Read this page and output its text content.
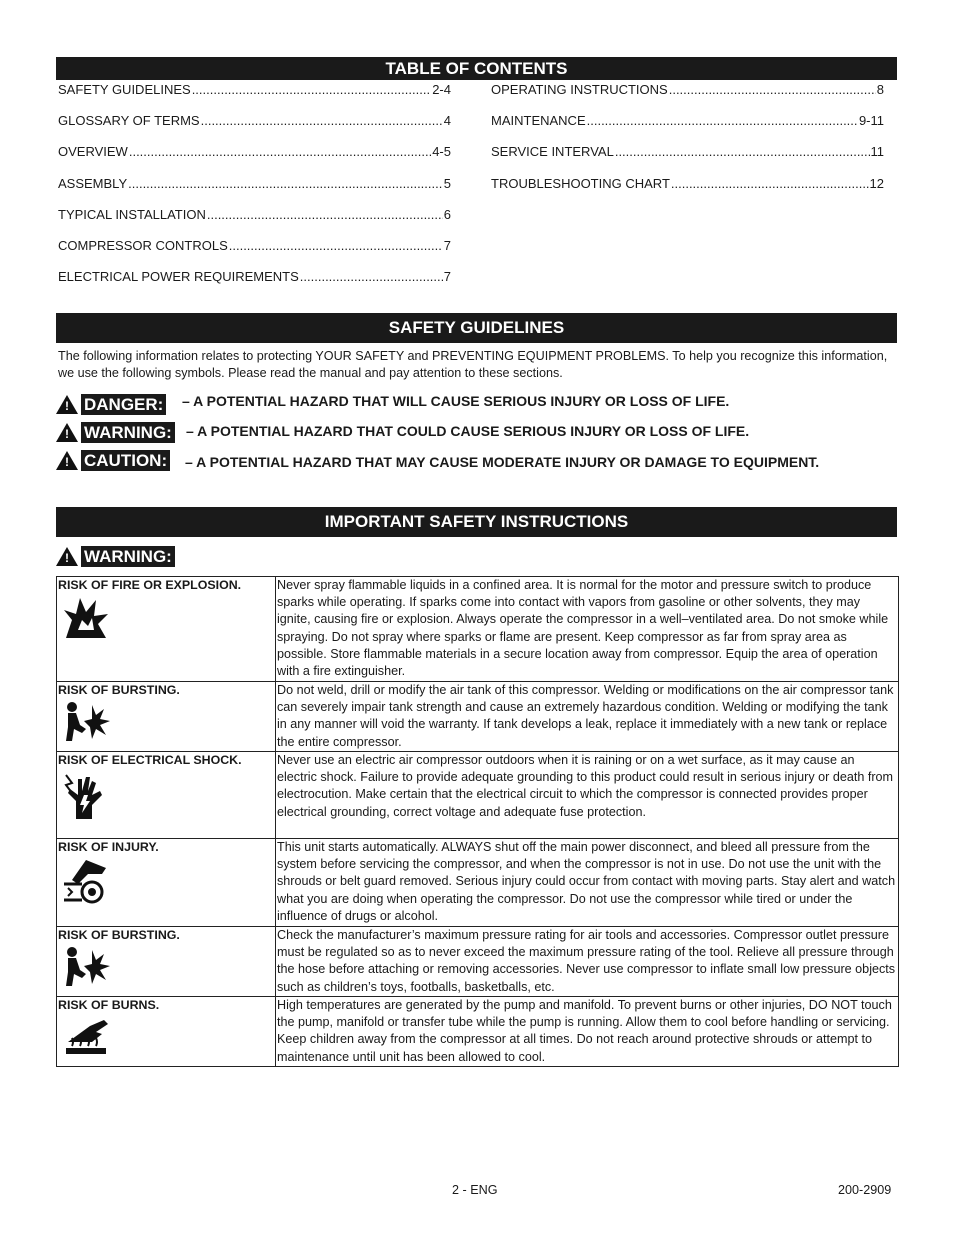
TABLE OF CONTENTS
SAFETY GUIDELINES .....	2-4
GLOSSARY OF TERMS .....	4
OVERVIEW .....	4-5
ASSEMBLY .....	5
TYPICAL INSTALLATION .....	6
COMPRESSOR CONTROLS .....	7
ELECTRICAL POWER REQUIREMENTS .....	7
OPERATING INSTRUCTIONS .....	8
MAINTENANCE .....	9-11
SERVICE INTERVAL .....	11
TROUBLESHOOTING CHART .....	12
SAFETY GUIDELINES
The following information relates to protecting YOUR SAFETY and PREVENTING EQUIPMENT PROBLEMS. To help you recognize this information, we use the following symbols. Please read the manual and pay attention to these sections.
! DANGER: – A POTENTIAL HAZARD THAT WILL CAUSE SERIOUS INJURY OR LOSS OF LIFE.
! WARNING: – A POTENTIAL HAZARD THAT COULD CAUSE SERIOUS INJURY OR LOSS OF LIFE.
! CAUTION: – A POTENTIAL HAZARD THAT MAY CAUSE MODERATE INJURY OR DAMAGE TO EQUIPMENT.
IMPORTANT SAFETY INSTRUCTIONS
! WARNING:
RISK OF FIRE OR EXPLOSION.	Never spray flammable liquids in a confined area. It is normal for the motor and pressure switch to produce sparks while operating. If sparks come into contact with vapors from gasoline or other solvents, they may ignite, causing fire or explosion. Always operate the compressor in a well–ventilated area. Do not smoke while spraying. Do not spray where sparks or flame are present. Keep compressor as far from spray area as possible. Store flammable materials in a secure location away from compressor. Equip the area of operation with a fire extinguisher.

RISK OF BURSTING.	Do not weld, drill or modify the air tank of this compressor. Welding or modifications on the air compressor tank can severely impair tank strength and cause an extremely hazardous condition. Welding or modifying the tank in any manner will void the warranty. If tank develops a leak, replace it immediately with a new tank or replace the entire compressor.

RISK OF ELECTRICAL SHOCK.	Never use an electric air compressor outdoors when it is raining or on a wet surface, as it may cause an electric shock. Failure to provide adequate grounding to this product could result in serious injury or death from electrocution. Make certain that the electrical circuit to which the compressor is connected provides proper electrical grounding, correct voltage and adequate fuse protection.

RISK OF INJURY.	This unit starts automatically. ALWAYS shut off the main power disconnect, and bleed all pressure from the system before servicing the compressor, and when the compressor is not in use. Do not use the unit with the shrouds or belt guard removed. Serious injury could occur from contact with moving parts. Stay alert and watch what you are doing when operating the compressor. Do not use the compressor while tired or under the influence of drugs or alcohol.

RISK OF BURSTING.	Check the manufacturer’s maximum pressure rating for air tools and accessories. Compressor outlet pressure must be regulated so as to never exceed the maximum pressure rating of the tool. Relieve all pressure through the hose before attaching or removing accessories. Never use compressor to inflate small low pressure objects such as children’s toys, footballs, basketballs, etc.

RISK OF BURNS.	High temperatures are generated by the pump and manifold. To prevent burns or other injuries, DO NOT touch the pump, manifold or transfer tube while the pump is running. Allow them to cool before handling or servicing. Keep children away from the compressor at all times. Do not reach around protective shrouds or attempt to maintenance until unit has been allowed to cool.
2 - ENG	200-2909
